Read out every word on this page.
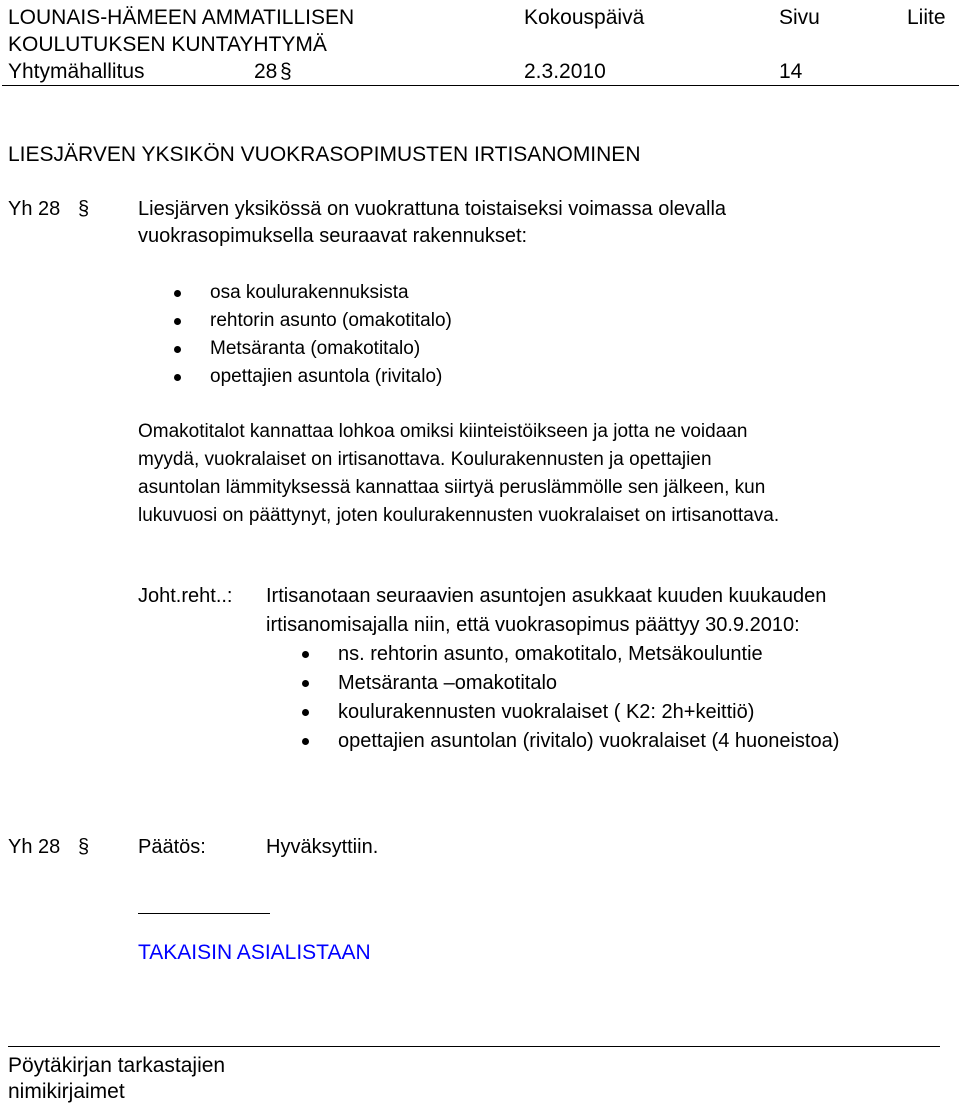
LOUNAIS-HÄMEEN AMMATILLISEN	Kokouspäivä	Sivu	Liite
KOULUTUKSEN KUNTAYHTYMÄ
Yhtymähallitus	28 §	2.3.2010	14
LIESJÄRVEN YKSIKÖN VUOKRASOPIMUSTEN IRTISANOMINEN
Yh 28 § Liesjärven yksikössä on vuokrattuna toistaiseksi voimassa olevalla
vuokrasopimuksella seuraavat rakennukset:
osa koulurakennuksista
rehtorin asunto (omakotitalo)
Metsäranta (omakotitalo)
opettajien asuntola (rivitalo)
Omakotitalot kannattaa lohkoa omiksi kiinteistöikseen ja jotta ne voidaan
myydä, vuokralaiset on irtisanottava. Koulurakennusten ja opettajien
asuntolan lämmityksessä kannattaa siirtyä peruslämmölle sen jälkeen, kun
lukuvuosi on päättynyt, joten koulurakennusten vuokralaiset on irtisanottava.
Joht.reht..: Irtisanotaan seuraavien asuntojen asukkaat kuuden kuukauden
irtisanomisajalla niin, että vuokrasopimus päättyy 30.9.2010:
ns. rehtorin asunto, omakotitalo, Metsäkouluntie
Metsäranta –omakotitalo
koulurakennusten vuokralaiset ( K2: 2h+keittiö)
opettajien asuntolan (rivitalo) vuokralaiset (4 huoneistoa)
Yh 28 § Päätös:	Hyväksyttiin.
TAKAISIN ASIALISTAAN
Pöytäkirjan tarkastajien
nimikirjaimet
